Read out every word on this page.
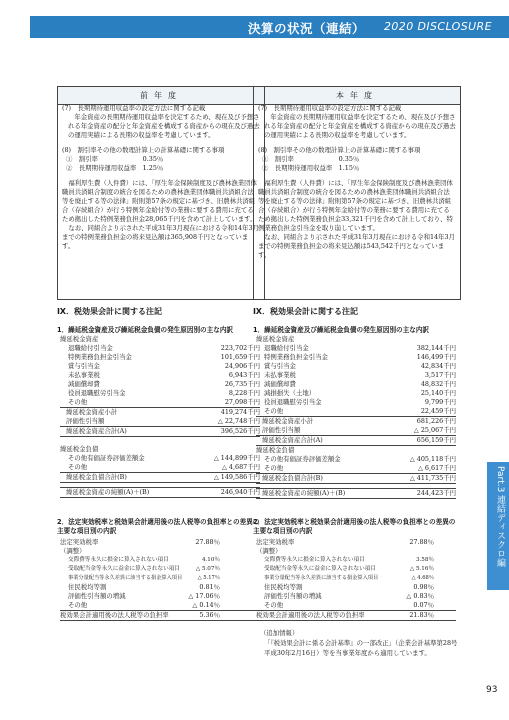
決算の状況（連結） 2020 DISCLOSURE
前年度	本年度

(7)　長期期待運用収益率の設定方法に関する記載

　年金資産の長期期待運用収益率を決定するため、現在及び予想される年金資産の配分と年金資産を構成する資産からの現在及び過去の運用実績による長期の収益率を考慮しています。

(8)　割引率その他の数理計算上の計算基礎に関する事項

①　割引率　　　　　　　0.35％

②　長期期待運用収益率　1.25％

　福利厚生費（人件費）には、「厚生年金保険制度及び農林漁業団体職員共済組合制度の統合を図るための農林漁業団体職員共済組合法等を廃止する等の法律」附則第57条の規定に基づき、旧農林共済組合（存続組合）が行う特例年金給付等の業務に要する費用に充てるため拠出した特例業務負担金28,065千円を含めて計上しています。

　なお、同組合より示された平成31年3月現在における令和14年3月までの特例業務負担金の将来見込額は365,908千円となっています。

(7)　長期期待運用収益率の設定方法に関する記載

　年金資産の長期期待運用収益率を決定するため、現在及び予想される年金資産の配分と年金資産を構成する資産からの現在及び過去の運用実績による長期の収益率を考慮しています。

(8)　割引率その他の数理計算上の計算基礎に関する事項

①　割引率　　　　　　　0.35％

②　長期期待運用収益率　1.15％

　福利厚生費（人件費）には、「厚生年金保険制度及び農林漁業団体職員共済組合制度の統合を図るための農林漁業団体職員共済組合法等を廃止する等の法律」附則第57条の規定に基づき、旧農林共済組合（存続組合）が行う特例年金給付等の業務に要する費用に充てるため拠出した特例業務負担金33,321千円を含めて計上しており、特例業務負担金引当金を取り崩しています。

　なお、同組合より示された平成31年3月現在における令和14年3月までの特例業務負担金の将来見込額は543,542千円となっています。

Ⅸ．税効果会計に関する注記	Ⅸ．税効果会計に関する注記
1．繰延税金資産及び繰延税金負債の発生原因別の主な内訳	1．繰延税金資産及び繰延税金負債の発生原因別の主な内訳
繰延税金資産
退職給付引当金	223,702千円
特例業務負担金引当金	101,659千円
賞与引当金	24,906千円
未払事業税	6,943千円
減価償却費	26,735千円
役員退職慰労引当金	8,228千円
その他	27,098千円
繰延税金資産小計	419,274千円
評価性引当額	△ 22,748千円
繰延税金資産合計(A)	396,526千円
繰延税金負債
その他有価証券評価差額金	△ 144,899千円
その他	△ 4,687千円
繰延税金負債合計(B)	△ 149,586千円
繰延税金資産の純額(A)＋(B)	246,940千円
繰延税金資産
退職給付引当金	382,144千円
特例業務負担金引当金	146,499千円
賞与引当金	42,834千円
未払事業税	3,517千円
減価償却費	48,832千円
減損損失（土地）	25,140千円
役員退職慰労引当金	9,799千円
その他	22,459千円
繰延税金資産小計	681,226千円
評価性引当額	△ 25,067千円
繰延税金資産合計(A)	656,159千円
繰延税金負債
その他有価証券評価差額金	△ 405,118千円
その他	△ 6,617千円
繰延税金負債合計(B)	△ 411,735千円
繰延税金資産の純額(A)＋(B)	244,423千円
2．法定実効税率と税効果会計適用後の法人税等の負担率との差異の主要な項目別の内訳
2．法定実効税率と税効果会計適用後の法人税等の負担率との差異の主要な項目別の内訳
法定実効税率	27.88％
（調整）
交際費等永久に損金に算入されない項目	4.10％
受取配当金等永久に益金に算入されない項目	△ 5.07％
事業分量配当等永久差異に該当する損金算入項目	△ 5.17％
住民税均等割	0.81％
評価性引当額の増減	△ 17.06％
その他	△ 0.14％
税効果会計適用後の法人税等の負担率	5.36％
法定実効税率	27.88％
（調整）
交際費等永久に損金に算入されない項目	3.58％
受取配当金等永久に益金に算入されない項目	△ 5.16％
事業分量配当等永久差異に該当する損金算入項目	△ 4.68％
住民税均等割	0.98％
評価性引当額の増減	△ 0.83％
その他	0.07％
税効果会計適用後の法人税等の負担率	21.83％
（追加情報）
「『税効果会計に係る会計基準』の一部改正」（企業会計基準第28号 平成30年2月16日）等を当事業年度から適用しています。
Part.3 連結ディスクロ編
93
